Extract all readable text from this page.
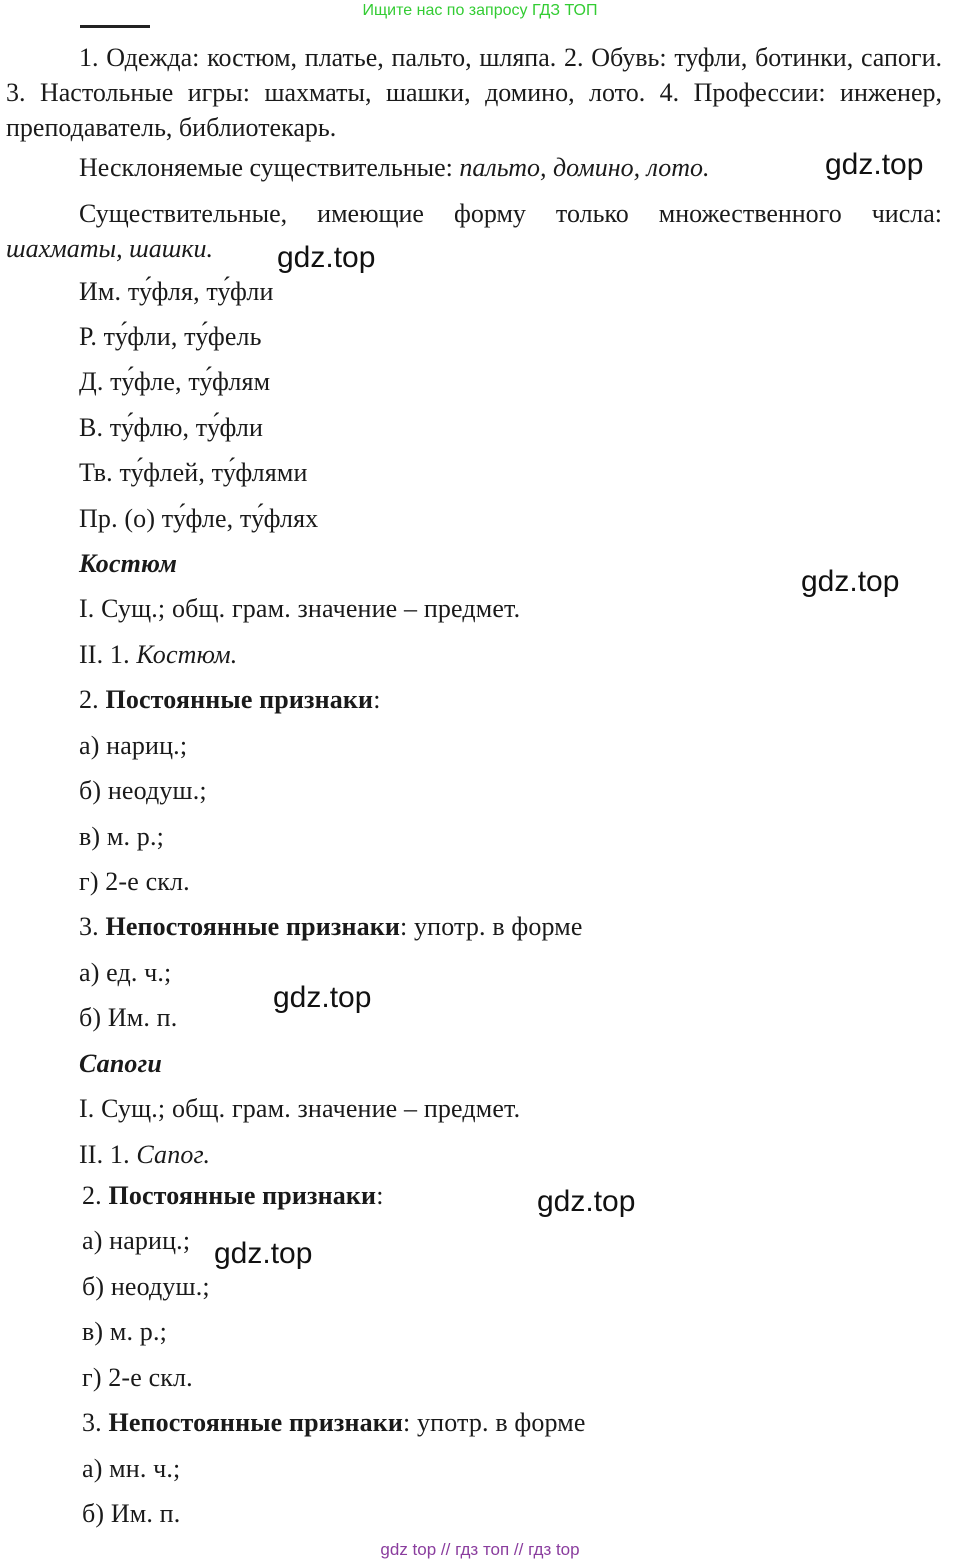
Ищите нас по запросу ГДЗ ТОП
1. Одежда: костюм, платье, пальто, шляпа. 2. Обувь: туфли, ботинки, сапоги. 3. Настольные игры: шахматы, шашки, домино, лото. 4. Профессии: инженер, преподаватель, библиотекарь.
Несклоняемые существительные: пальто, домино, лото.
Существительные, имеющие форму только множественного числа: шахматы, шашки.
Им. ту́фля, ту́фли
Р. ту́фли, ту́фель
Д. ту́фле, ту́флям
В. ту́флю, ту́фли
Тв. ту́флей, ту́флями
Пр. (о) ту́фле, ту́флях
Костюм
I. Сущ.; общ. грам. значение – предмет.
II. 1. Костюм.
2. Постоянные признаки:
а) нариц.;
б) неодуш.;
в) м. р.;
г) 2-е скл.
3. Непостоянные признаки: употр. в форме
а) ед. ч.;
б) Им. п.
Сапоги
I. Сущ.; общ. грам. значение – предмет.
II. 1. Сапог.
2. Постоянные признаки:
а) нариц.;
б) неодуш.;
в) м. р.;
г) 2-е скл.
3. Непостоянные признаки: употр. в форме
а) мн. ч.;
б) Им. п.
gdz.top
gdz.top
gdz.top
gdz.top
gdz.top
gdz.top
gdz top // гдз топ // гдз top
